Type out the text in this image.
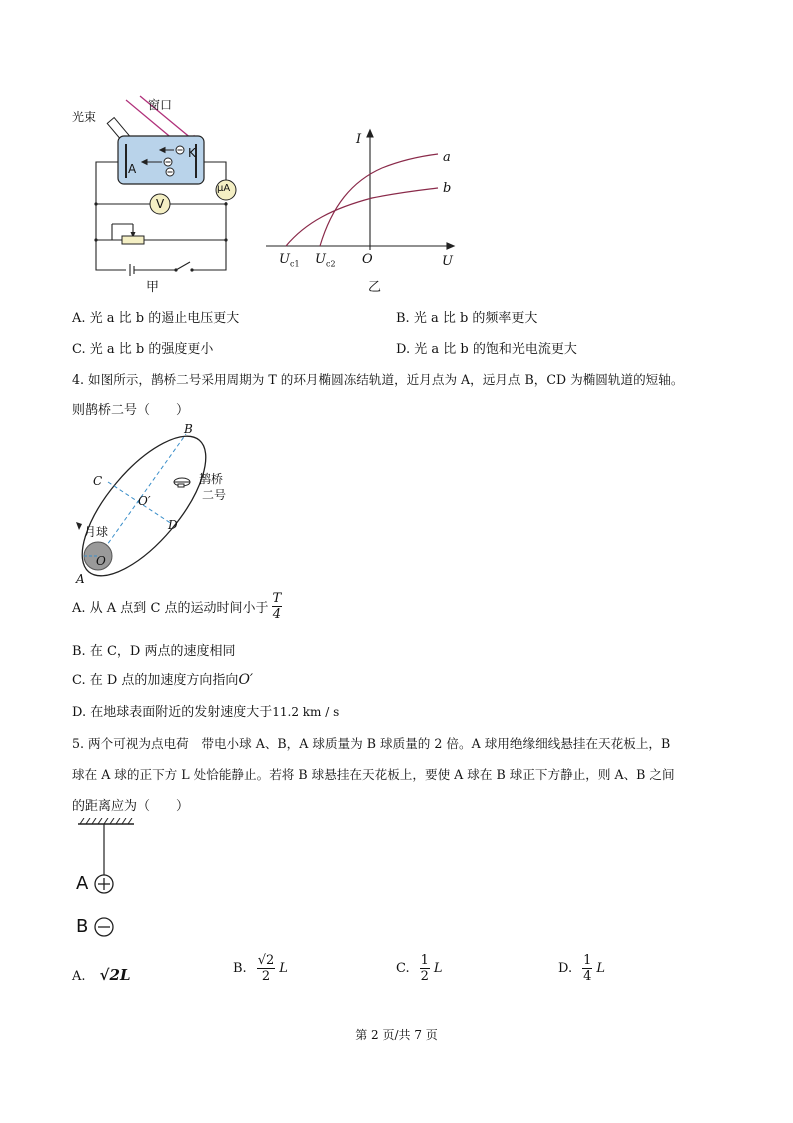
光束
窗口
A
K
μA
V
甲
I
U
O
a
b
$U_{c1}$ $U_{c2}$
乙
A. 光 a 比 b 的遏止电压更大	B. 光 a 比 b 的频率更大
C. 光 a 比 b 的强度更小	D. 光 a 比 b 的饱和光电流更大
4. 如图所示，鹊桥二号采用周期为 T 的环月椭圆冻结轨道，近月点为 A，远月点 B，CD 为椭圆轨道的短轴。
则鹊桥二号（　　）
B
C
D
O′
O
A
月球
鹊桥
二号
A. 从 A 点到 C 点的运动时间小于 $\frac{T}{4}$
B. 在 C，D 两点的速度相同
C. 在 D 点的加速度方向指向O′
D. 在地球表面附近的发射速度大于11.2 km / s
5. 两个可视为点电荷　带电小球 A、B，A 球质量为 B 球质量的 2 倍。A 球用绝缘细线悬挂在天花板上，B
球在 A 球的正下方 L 处恰能静止。若将 B 球悬挂在天花板上，要使 A 球在 B 球正下方静止，则 A、B 之间
的距离应为（　　）
A
B
A. √2L	B. $\frac{√2}{2}$ L	C. $\frac{1}{2}$ L	D. $\frac{1}{4}$ L
第 2 页/共 7 页
